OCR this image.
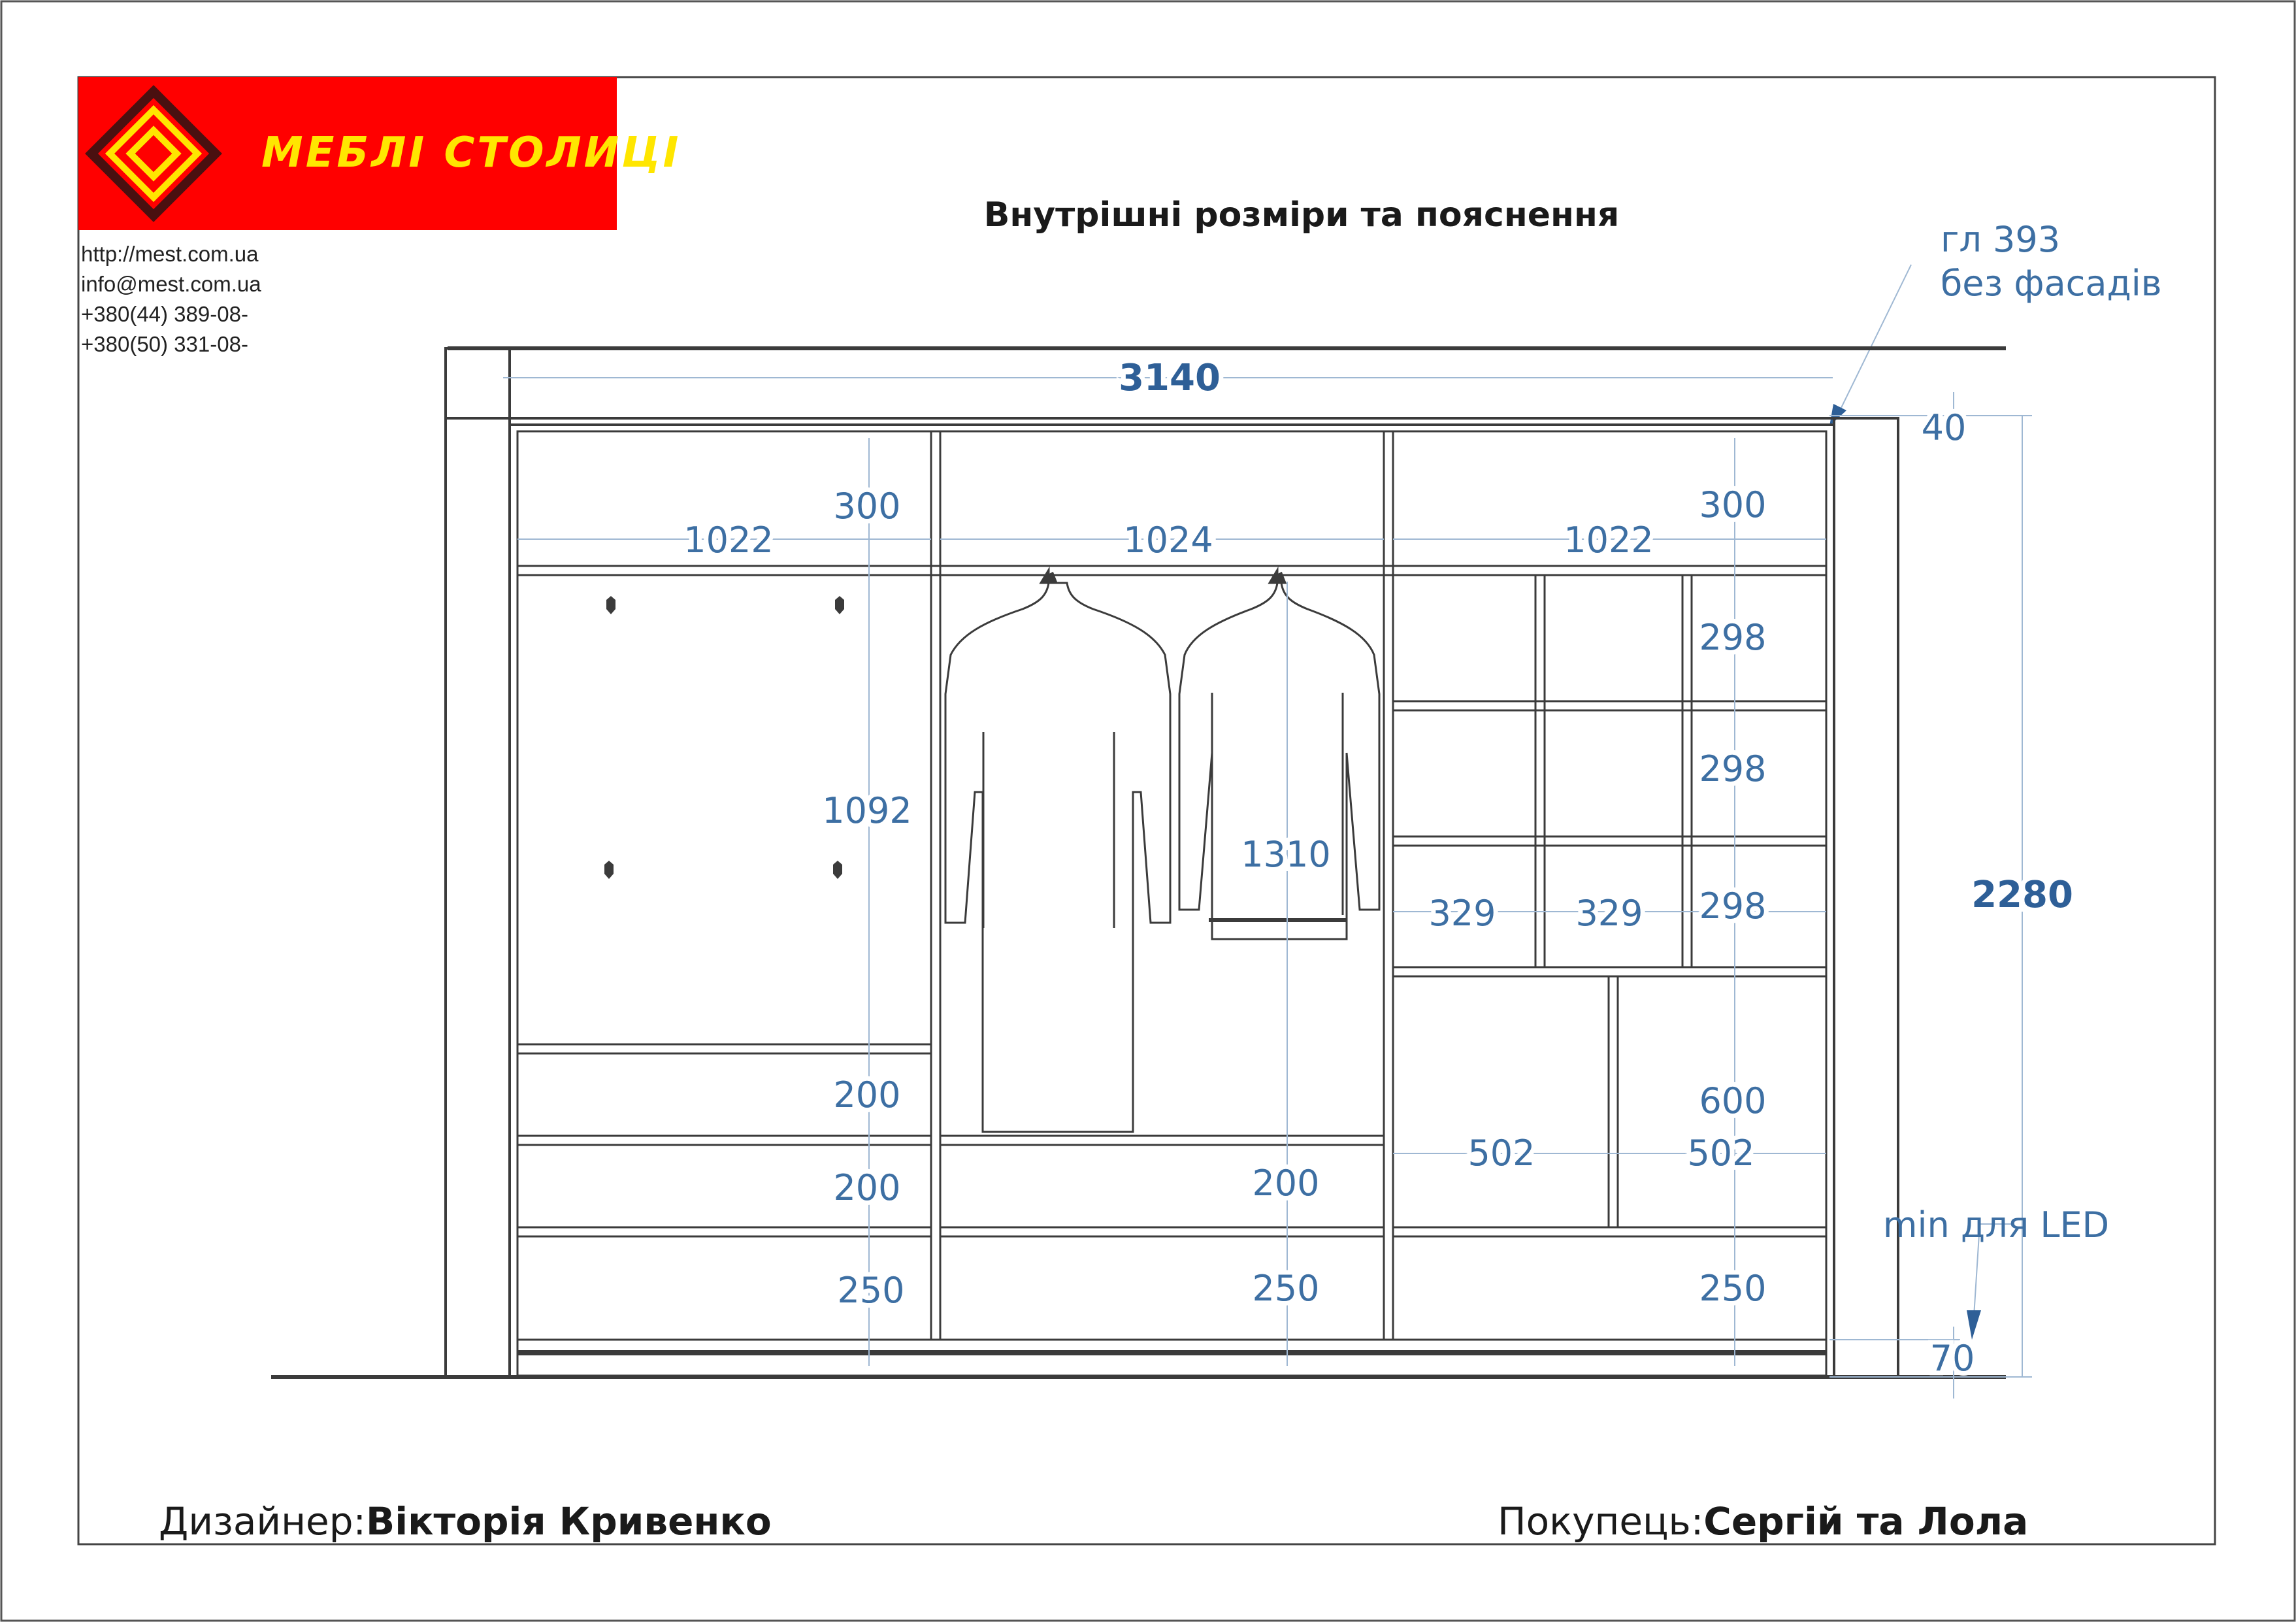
МЕБЛІ СТОЛИЦІ
http://mest.com.ua
info@mest.com.ua
+380(44) 389-08-
+380(50) 331-08-
Внутрішні розміри та пояснення
гл 393
без фасадів
3140
2280
40
70
300
1022
1092
200
200
250
1024
1310
200
250
300
1022
298
298
298
329 329
600
502	502
250
min для LED
Дизайнер:Вікторія Кривенко	Покупець:Сергій та Лола
